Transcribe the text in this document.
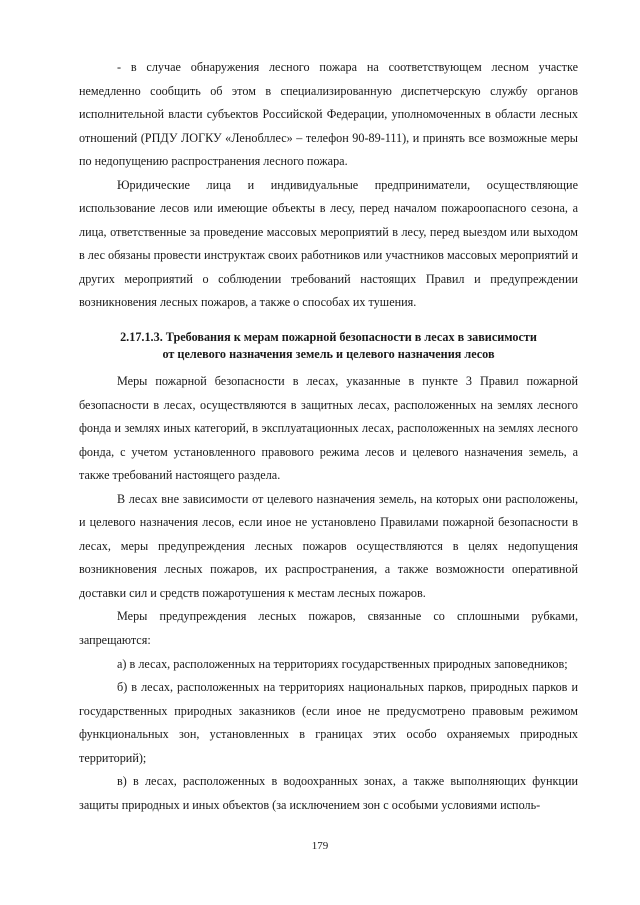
- в случае обнаружения лесного пожара на соответствующем лесном участке немедленно сообщить об этом в специализированную диспетчерскую службу органов исполнительной власти субъектов Российской Федерации, уполномоченных в области лесных отношений (РПДУ ЛОГКУ «Ленобллес» – телефон 90-89-111), и принять все возможные меры по недопущению распространения лесного пожара.

Юридические лица и индивидуальные предприниматели, осуществляющие использование лесов или имеющие объекты в лесу, перед началом пожароопасного сезона, а лица, ответственные за проведение массовых мероприятий в лесу, перед выездом или выходом в лес обязаны провести инструктаж своих работников или участников массовых мероприятий и других мероприятий о соблюдении требований настоящих Правил и предупреждении возникновения лесных пожаров, а также о способах их тушения.

2.17.1.3. Требования к мерам пожарной безопасности в лесах в зависимости
от целевого назначения земель и целевого назначения лесов

Меры пожарной безопасности в лесах, указанные в пункте 3 Правил пожарной безопасности в лесах, осуществляются в защитных лесах, расположенных на землях лесного фонда и землях иных категорий, в эксплуатационных лесах, расположенных на землях лесного фонда, с учетом установленного правового режима лесов и целевого назначения земель, а также требований настоящего раздела.

В лесах вне зависимости от целевого назначения земель, на которых они расположены, и целевого назначения лесов, если иное не установлено Правилами пожарной безопасности в лесах, меры предупреждения лесных пожаров осуществляются в целях недопущения возникновения лесных пожаров, их распространения, а также возможности оперативной доставки сил и средств пожаротушения к местам лесных пожаров.

Меры предупреждения лесных пожаров, связанные со сплошными рубками, запрещаются:

а) в лесах, расположенных на территориях государственных природных заповедников;

б) в лесах, расположенных на территориях национальных парков, природных парков и государственных природных заказников (если иное не предусмотрено правовым режимом функциональных зон, установленных в границах этих особо охраняемых природных территорий);

в) в лесах, расположенных в водоохранных зонах, а также выполняющих функции защиты природных и иных объектов (за исключением зон с особыми условиями исполь-

179
